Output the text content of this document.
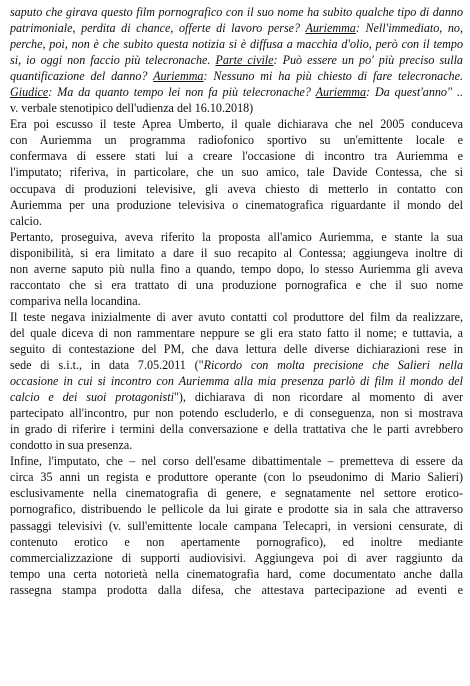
saputo che girava questo film pornografico con il suo nome ha subito qualche tipo di danno
patrimoniale, perdita di chance, offerte di lavoro perse? Auriemma: Nell'immediato, no,
perche, poi, non è che subito questa notizia si è diffusa a macchia d'olio, però con il tempo
si, io oggi non faccio più telecronache. Parte civile: Può essere un po' più preciso sulla
quantificazione del danno? Auriemma: Nessuno mi ha più chiesto di fare telecronache.
Giudice: Ma da quanto tempo lei non fa più telecronache? Auriemma: Da quest'anno" ..
v. verbale stenotipico dell'udienza del 16.10.2018)
Era poi escusso il teste Aprea Umberto, il quale dichiarava che nel 2005 conduceva
con Auriemma un programma radiofonico sportivo su un'emittente locale e
confermava di essere stati lui a creare l'occasione di incontro tra Auriemma e
l'imputato; riferiva, in particolare, che un suo amico, tale Davide Contessa, che si
occupava di produzioni televisive, gli aveva chiesto di metterlo in contatto con
Auriemma per una produzione televisiva o cinematografica riguardante il mondo del
calcio.
Pertanto, proseguiva, aveva riferito la proposta all'amico Auriemma, e stante la sua
disponibilità, si era limitato a dare il suo recapito al Contessa; aggiungeva inoltre di
non averne saputo più nulla fino a quando, tempo dopo, lo stesso Auriemma gli aveva
raccontato che si era trattato di una produzione pornografica e che il suo nome
compariva nella locandina.
Il teste negava inizialmente di aver avuto contatti col produttore del film da realizzare,
del quale diceva di non rammentare neppure se gli era stato fatto il nome; e tuttavia, a
seguito di contestazione del PM, che dava lettura delle diverse dichiarazioni rese in
sede di s.i.t., in data 7.05.2011 ("Ricordo con molta precisione che Salieri nella
occasione in cui si incontro con Auriemma alla mia presenza parlò di film il mondo del
calcio e dei suoi protagonisti"), dichiarava di non ricordare al momento di aver
partecipato all'incontro, pur non potendo escluderlo, e di conseguenza, non si mostrava
in grado di riferire i termini della conversazione e della trattativa che le parti avrebbero
condotto in sua presenza.
Infine, l'imputato, che – nel corso dell'esame dibattimentale – premetteva di essere da
circa 35 anni un regista e produttore operante (con lo pseudonimo di Mario Salieri)
esclusivamente nella cinematografia di genere, e segnatamente nel settore erotico-
pornografico, distribuendo le pellicole da lui girate e prodotte sia in sala che attraverso
passaggi televisivi (v. sull'emittente locale campana Telecapri, in versioni censurate, di
contenuto erotico e non apertamente pornografico), ed inoltre mediante
commercializzazione di supporti audiovisivi. Aggiungeva poi di aver raggiunto da
tempo una certa notorietà nella cinematografia hard, come documentato anche dalla
rassegna stampa prodotta dalla difesa, che attestava partecipazione ad eventi e
